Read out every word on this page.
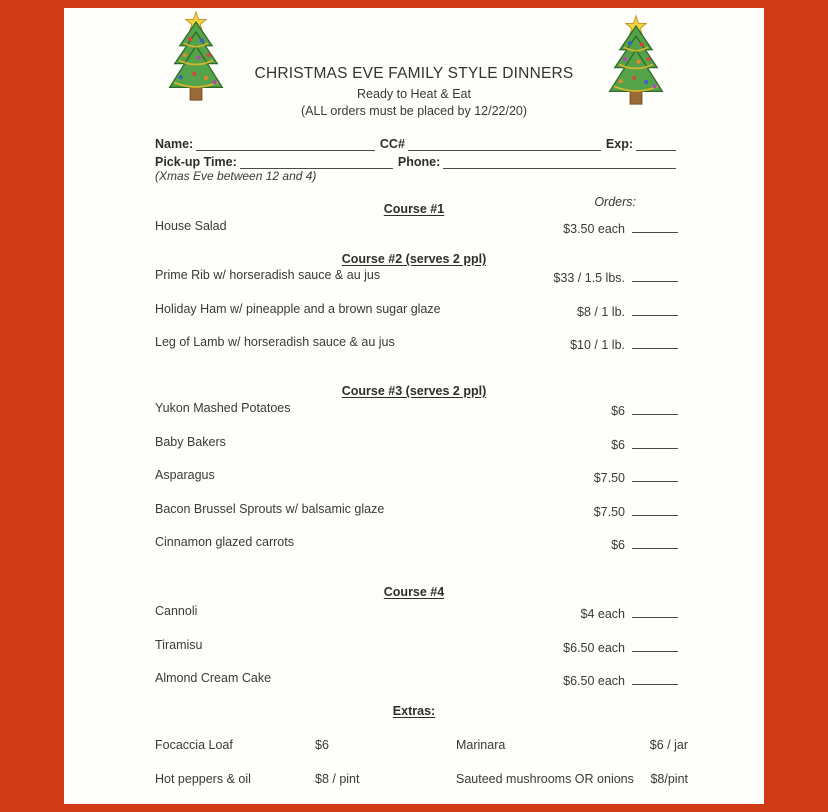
CHRISTMAS EVE FAMILY STYLE DINNERS
Ready to Heat & Eat
(ALL orders must be placed by 12/22/20)
Name:	CC#	Exp:
Pick-up Time:	Phone:
(Xmas Eve between 12 and 4)
Course #1	Orders:
House Salad	$3.50 each
Course #2 (serves 2 ppl)
Prime Rib w/ horseradish sauce & au jus	$33 / 1.5 lbs.
Holiday Ham w/ pineapple and a brown sugar glaze	$8 / 1 lb.
Leg of Lamb w/ horseradish sauce & au jus	$10 / 1 lb.
Course #3 (serves 2 ppl)
Yukon Mashed Potatoes	$6
Baby Bakers	$6
Asparagus	$7.50
Bacon Brussel Sprouts w/ balsamic glaze	$7.50
Cinnamon glazed carrots	$6
Course #4
Cannoli	$4 each
Tiramisu	$6.50 each
Almond Cream Cake	$6.50 each
Extras:
Focaccia Loaf	$6	Marinara	$6 / jar
Hot peppers & oil	$8 / pint	Sauteed mushrooms OR onions $8/pint
